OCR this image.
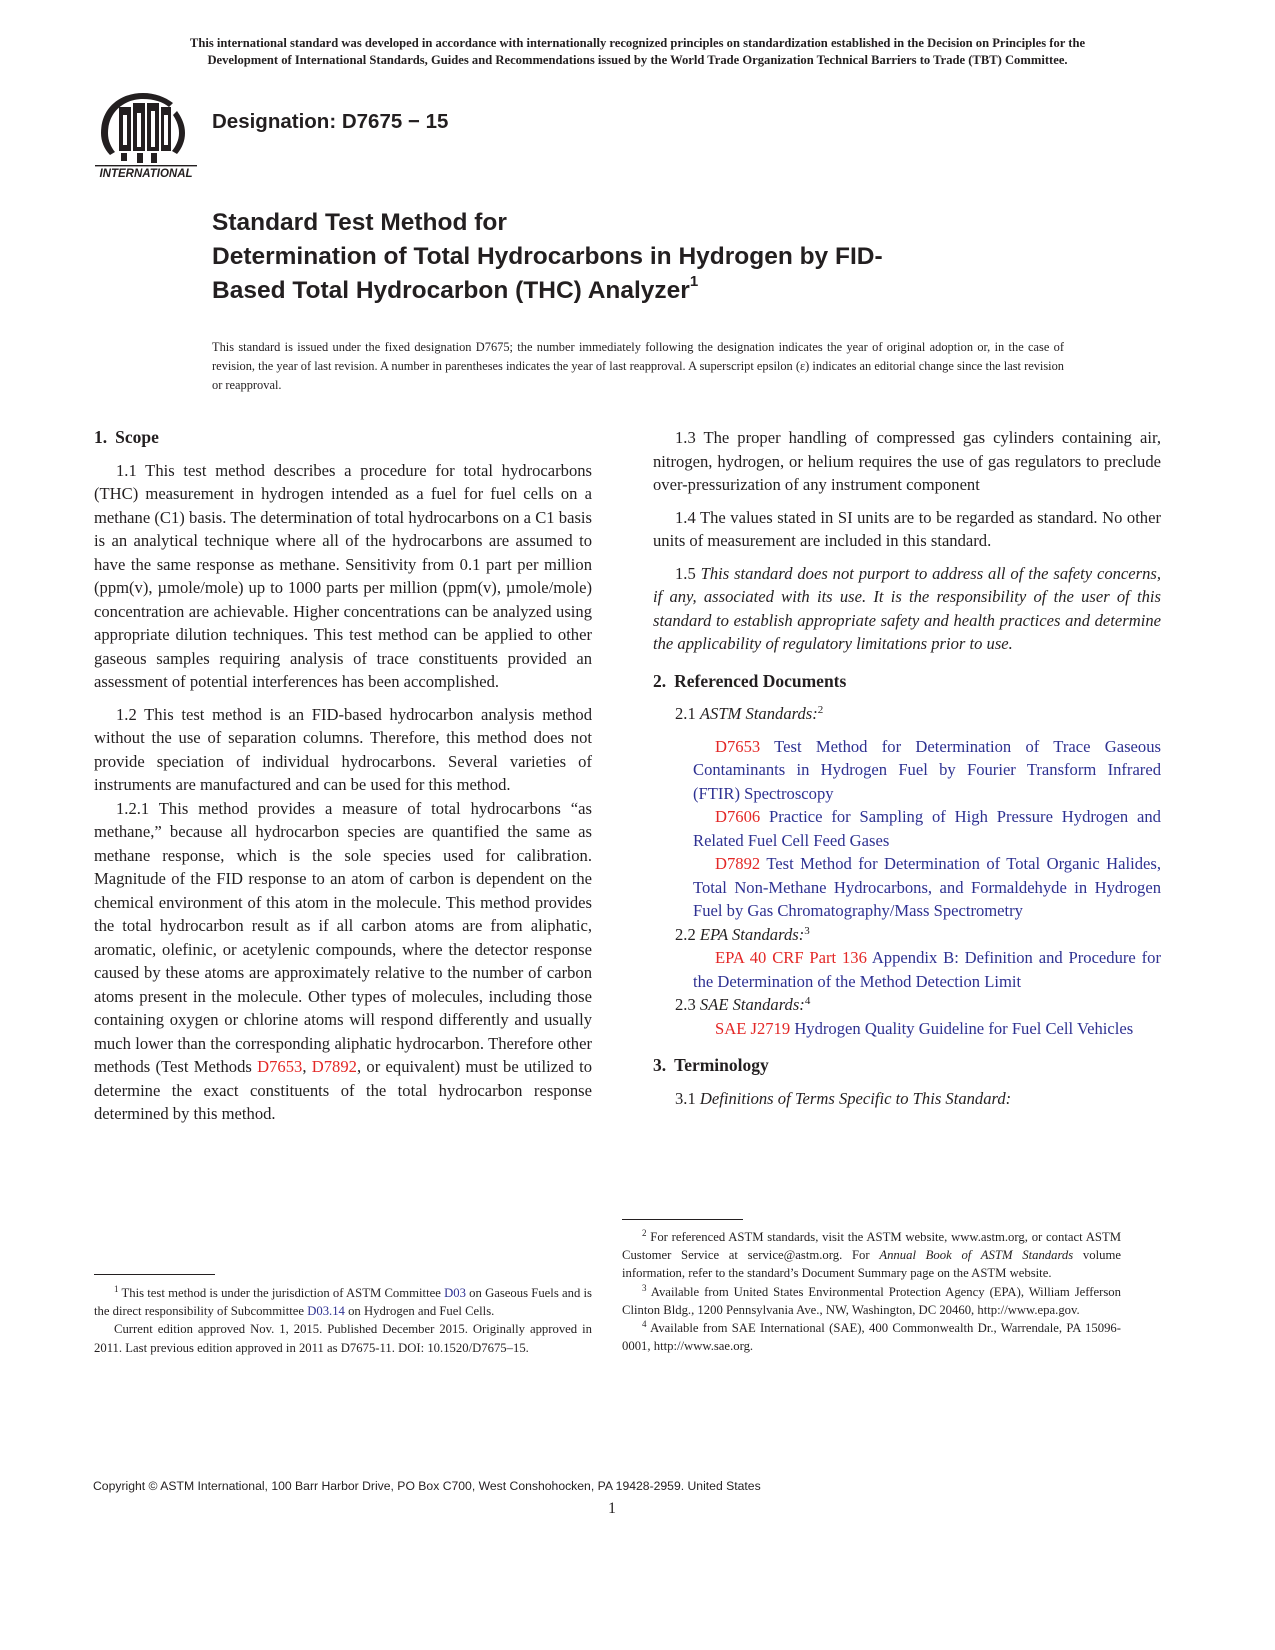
This international standard was developed in accordance with internationally recognized principles on standardization established in the Decision on Principles for the
Development of International Standards, Guides and Recommendations issued by the World Trade Organization Technical Barriers to Trade (TBT) Committee.
INTERNATIONAL
Designation: D7675 − 15
Standard Test Method for
Determination of Total Hydrocarbons in Hydrogen by FID-
Based Total Hydrocarbon (THC) Analyzer$^1$
This standard is issued under the fixed designation D7675; the number immediately following the designation indicates the year of original adoption or, in the case of revision, the year of last revision. A number in parentheses indicates the year of last reapproval. A superscript epsilon (ε) indicates an editorial change since the last revision or reapproval.
1. Scope

1.1 This test method describes a procedure for total hydrocarbons (THC) measurement in hydrogen intended as a fuel for fuel cells on a methane (C1) basis. The determination of total hydrocarbons on a C1 basis is an analytical technique where all of the hydrocarbons are assumed to have the same response as methane. Sensitivity from 0.1 part per million (ppm(v), µmole/mole) up to 1000 parts per million (ppm(v), µmole/mole) concentration are achievable. Higher concentrations can be analyzed using appropriate dilution techniques. This test method can be applied to other gaseous samples requiring analysis of trace constituents provided an assessment of potential interferences has been accomplished.

1.2 This test method is an FID-based hydrocarbon analysis method without the use of separation columns. Therefore, this method does not provide speciation of individual hydrocarbons. Several varieties of instruments are manufactured and can be used for this method.

1.2.1 This method provides a measure of total hydrocarbons “as methane,” because all hydrocarbon species are quantified the same as methane response, which is the sole species used for calibration. Magnitude of the FID response to an atom of carbon is dependent on the chemical environment of this atom in the molecule. This method provides the total hydrocarbon result as if all carbon atoms are from aliphatic, aromatic, olefinic, or acetylenic compounds, where the detector response caused by these atoms are approximately relative to the number of carbon atoms present in the molecule. Other types of molecules, including those containing oxygen or chlorine atoms will respond differently and usually much lower than the corresponding aliphatic hydrocarbon. Therefore other methods (Test Methods D7653, D7892, or equivalent) must be utilized to determine the exact constituents of the total hydrocarbon response determined by this method.

1.3 The proper handling of compressed gas cylinders containing air, nitrogen, hydrogen, or helium requires the use of gas regulators to preclude over-pressurization of any instrument component

1.4 The values stated in SI units are to be regarded as standard. No other units of measurement are included in this standard.

1.5 This standard does not purport to address all of the safety concerns, if any, associated with its use. It is the responsibility of the user of this standard to establish appropriate safety and health practices and determine the applicability of regulatory limitations prior to use.

2. Referenced Documents

2.1 ASTM Standards:$^2$

D7653 Test Method for Determination of Trace Gaseous Contaminants in Hydrogen Fuel by Fourier Transform Infrared (FTIR) Spectroscopy

D7606 Practice for Sampling of High Pressure Hydrogen and Related Fuel Cell Feed Gases

D7892 Test Method for Determination of Total Organic Halides, Total Non-Methane Hydrocarbons, and Formaldehyde in Hydrogen Fuel by Gas Chromatography/Mass Spectrometry

2.2 EPA Standards:$^3$

EPA 40 CRF Part 136 Appendix B: Definition and Procedure for the Determination of the Method Detection Limit

2.3 SAE Standards:$^4$

SAE J2719 Hydrogen Quality Guideline for Fuel Cell Vehicles

3. Terminology

3.1 Definitions of Terms Specific to This Standard:

$^1$ This test method is under the jurisdiction of ASTM Committee D03 on Gaseous Fuels and is the direct responsibility of Subcommittee D03.14 on Hydrogen and Fuel Cells.

Current edition approved Nov. 1, 2015. Published December 2015. Originally approved in 2011. Last previous edition approved in 2011 as D7675-11. DOI: 10.1520/D7675–15.

$^2$ For referenced ASTM standards, visit the ASTM website, www.astm.org, or contact ASTM Customer Service at service@astm.org. For Annual Book of ASTM Standards volume information, refer to the standard’s Document Summary page on the ASTM website.

$^3$ Available from United States Environmental Protection Agency (EPA), William Jefferson Clinton Bldg., 1200 Pennsylvania Ave., NW, Washington, DC 20460, http://www.epa.gov.

$^4$ Available from SAE International (SAE), 400 Commonwealth Dr., Warrendale, PA 15096-0001, http://www.sae.org.

Copyright © ASTM International, 100 Barr Harbor Drive, PO Box C700, West Conshohocken, PA 19428-2959. United States
1
